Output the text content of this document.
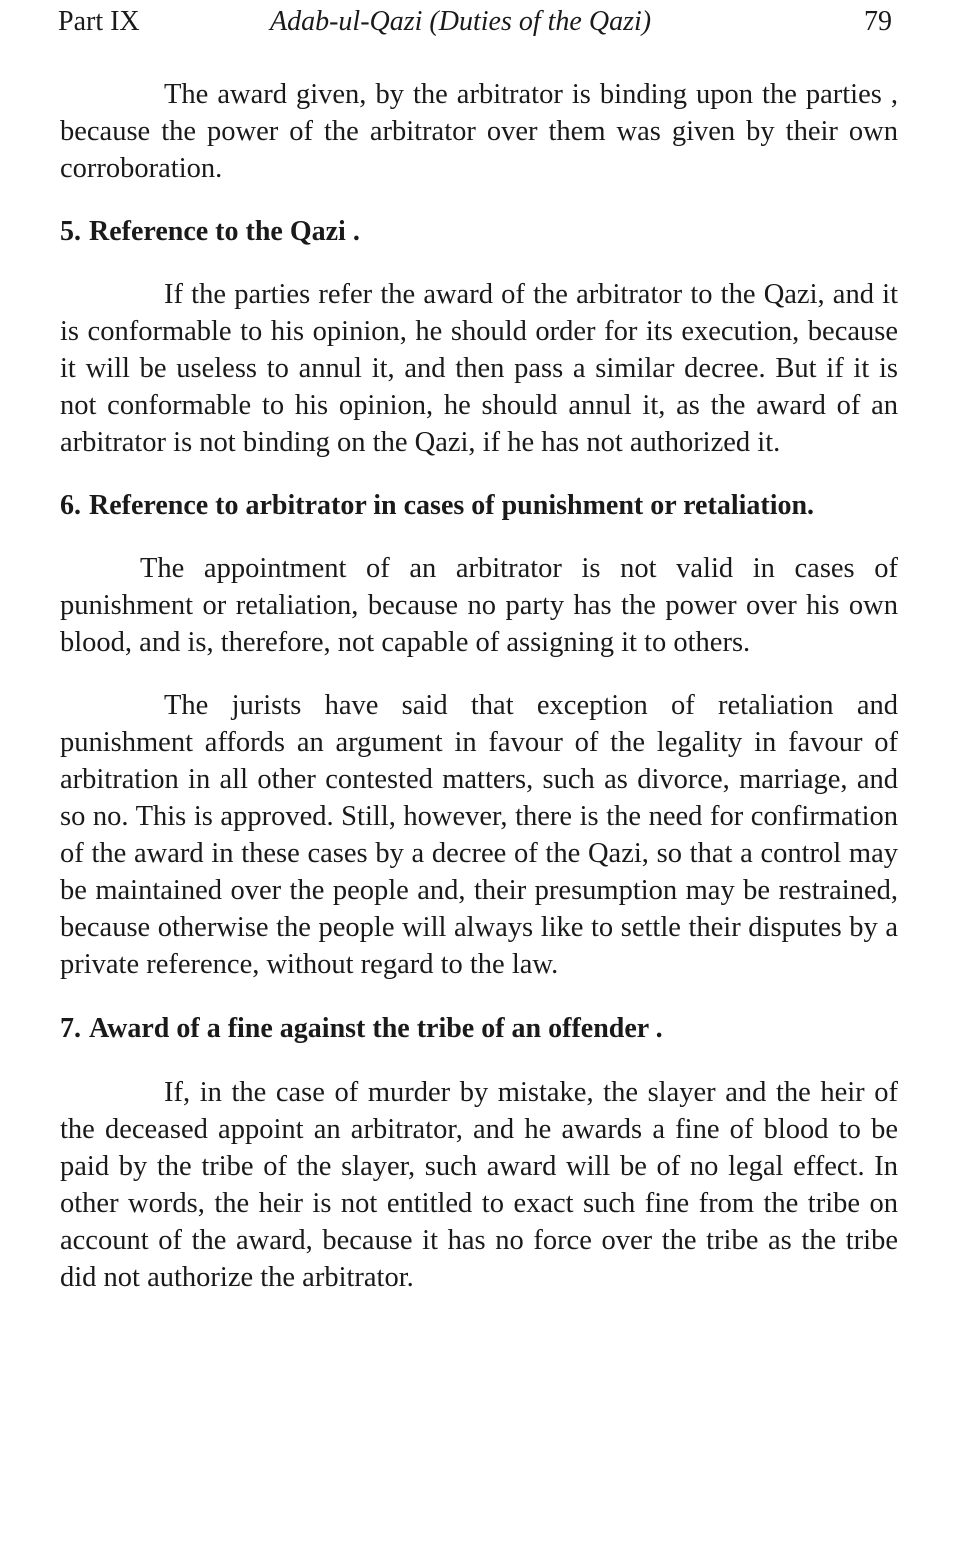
Part IX	Adab-ul-Qazi (Duties of the Qazi)	79

The award given, by the arbitrator is binding upon the parties , because the power of the arbitrator over them was given by their own corroboration.

5. Reference to the Qazi .

If the parties refer the award of the arbitrator to the Qazi, and it is conformable to his opinion, he should order for its execution, because it will be useless to annul it, and then pass a similar decree. But if it is not conformable to his opinion, he should annul it, as the award of an arbitrator is not binding on the Qazi, if he has not authorized it.

6. Reference to arbitrator in cases of punishment or retaliation.

The appointment of an arbitrator is not valid in cases of punishment or retaliation, because no party has the power over his own blood, and is, therefore, not capable of assigning it to others.

The jurists have said that exception of retaliation and punishment affords an argument in favour of the legality in favour of arbitration in all other contested matters, such as divorce, marriage, and so no. This is approved. Still, however, there is the need for confirmation of the award in these cases by a decree of the Qazi, so that a control may be maintained over the people and, their presumption may be restrained, because otherwise the people will always like to settle their disputes by a private reference, without regard to the law.

7. Award of a fine against the tribe of an offender .

If, in the case of murder by mistake, the slayer and the heir of the deceased appoint an arbitrator, and he awards a fine of blood to be paid by the tribe of the slayer, such award will be of no legal effect. In other words, the heir is not entitled to exact such fine from the tribe on account of the award, because it has no force over the tribe as the tribe did not authorize the arbitrator.
